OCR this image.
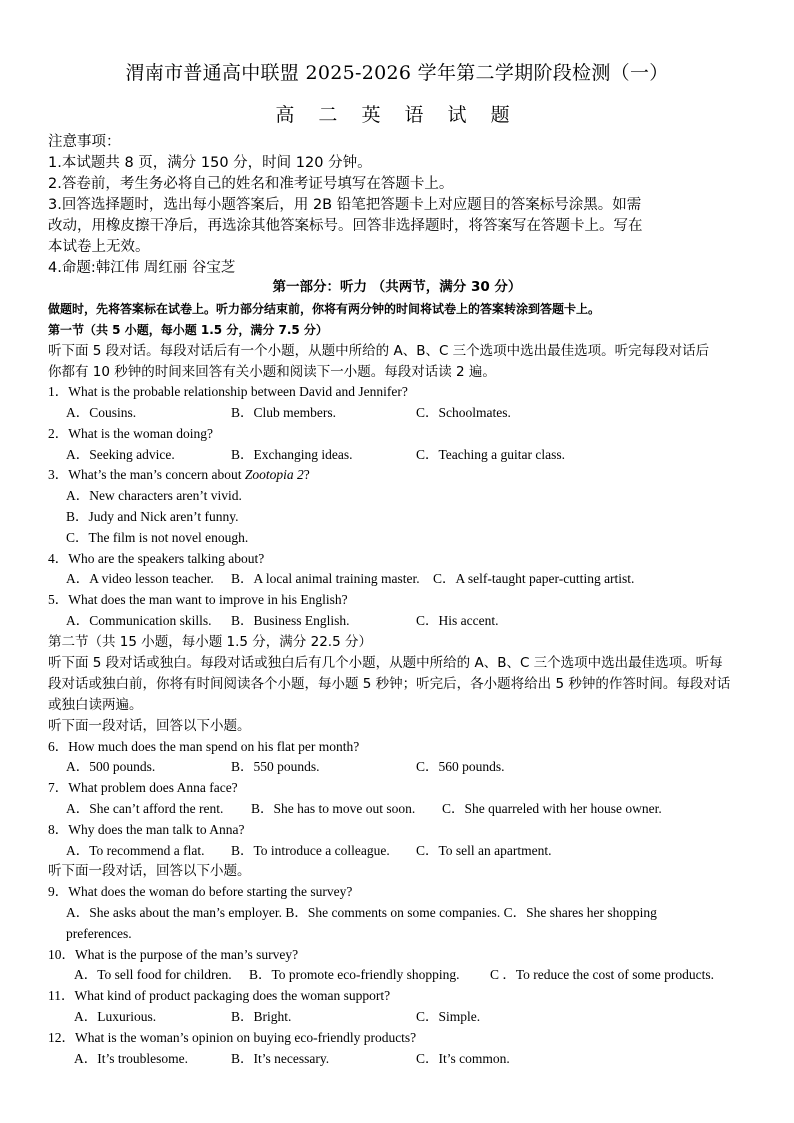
渭南市普通高中联盟 2025-2026 学年第二学期阶段检测（一）
高 二 英 语 试 题
注意事项：
1.本试题共 8 页，满分 150 分，时间 120 分钟。
2.答卷前，考生务必将自己的姓名和准考证号填写在答题卡上。
3.回答选择题时，选出每小题答案后，用 2B 铅笔把答题卡上对应题目的答案标号涂黑。如需
改动，用橡皮擦干净后，再选涂其他答案标号。回答非选择题时，将答案写在答题卡上。写在
本试卷上无效。
4.命题:韩江伟 周红丽 谷宝芝
第一部分：听力 （共两节，满分 30 分）
做题时，先将答案标在试卷上。听力部分结束前，你将有两分钟的时间将试卷上的答案转涂到答题卡上。
第一节（共 5 小题，每小题 1.5 分，满分 7.5 分）
听下面 5 段对话。每段对话后有一个小题，从题中所给的 A、B、C 三个选项中选出最佳选项。听完每段对话后
你都有 10 秒钟的时间来回答有关小题和阅读下一小题。每段对话读 2 遍。
1．What is the probable relationship between David and Jennifer?
A．Cousins.	B．Club members.	C．Schoolmates.
2．What is the woman doing?
A．Seeking advice.	B．Exchanging ideas.	C．Teaching a guitar class.
3．What’s the man’s concern about Zootopia 2?
A．New characters aren’t vivid.
B．Judy and Nick aren’t funny.
C．The film is not novel enough.
4．Who are the speakers talking about?
A．A video lesson teacher. B．A local animal training master. C．A self-taught paper-cutting artist.
5．What does the man want to improve in his English?
A．Communication skills. B．Business English.	C．His accent.
第二节（共 15 小题，每小题 1.5 分，满分 22.5 分）
听下面 5 段对话或独白。每段对话或独白后有几个小题，从题中所给的 A、B、C 三个选项中选出最佳选项。听每
段对话或独白前，你将有时间阅读各个小题，每小题 5 秒钟；听完后，各小题将给出 5 秒钟的作答时间。每段对话
或独白读两遍。
听下面一段对话，回答以下小题。
6．How much does the man spend on his flat per month?
A．500 pounds.	B．550 pounds.	C．560 pounds.
7．What problem does Anna face?
A．She can’t afford the rent. B．She has to move out soon. C．She quarreled with her house owner.
8．Why does the man talk to Anna?
A．To recommend a flat. B．To introduce a colleague. C．To sell an apartment.
听下面一段对话，回答以下小题。
9．What does the woman do before starting the survey?
A．She asks about the man’s employer. B．She comments on some companies. C．She shares her shopping
preferences.
10．What is the purpose of the man’s survey?
A．To sell food for children. B．To promote eco-friendly shopping. C ．To reduce the cost of some products.
11．What kind of product packaging does the woman support?
A．Luxurious.	B．Bright.	C．Simple.
12．What is the woman’s opinion on buying eco-friendly products?
A．It’s troublesome.	B．It’s necessary.	C．It’s common.
